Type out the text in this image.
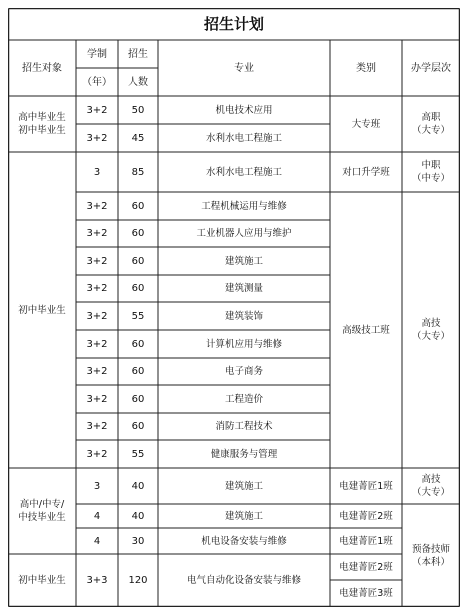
招生计划
办学层次
类别
专业
招生
人数
学制
（年）
招生对象
高职
（大专）
中职
（中专）
高技
（大专）
高技
（大专）
预备技师
（本科）
大专班
对口升学班
高级技工班
电建菁匠1班
电建菁匠2班
电建菁匠1班
电建菁匠2班
电建菁匠3班
高中毕业生
初中毕业生
初中毕业生
高中/中专/
中技毕业生
初中毕业生
机电技术应用
50
3+2
水利水电工程施工
45
3+2
水利水电工程施工
85
3
工程机械运用与维修
60
3+2
工业机器人应用与维护
60
3+2
建筑施工
60
3+2
建筑测量
60
3+2
建筑装饰
55
3+2
计算机应用与维修
60
3+2
电子商务
60
3+2
工程造价
60
3+2
消防工程技术
60
3+2
健康服务与管理
55
3+2
建筑施工
40
3
建筑施工
40
4
机电设备安装与维修
30
4
电气自动化设备安装与维修
120
3+3
